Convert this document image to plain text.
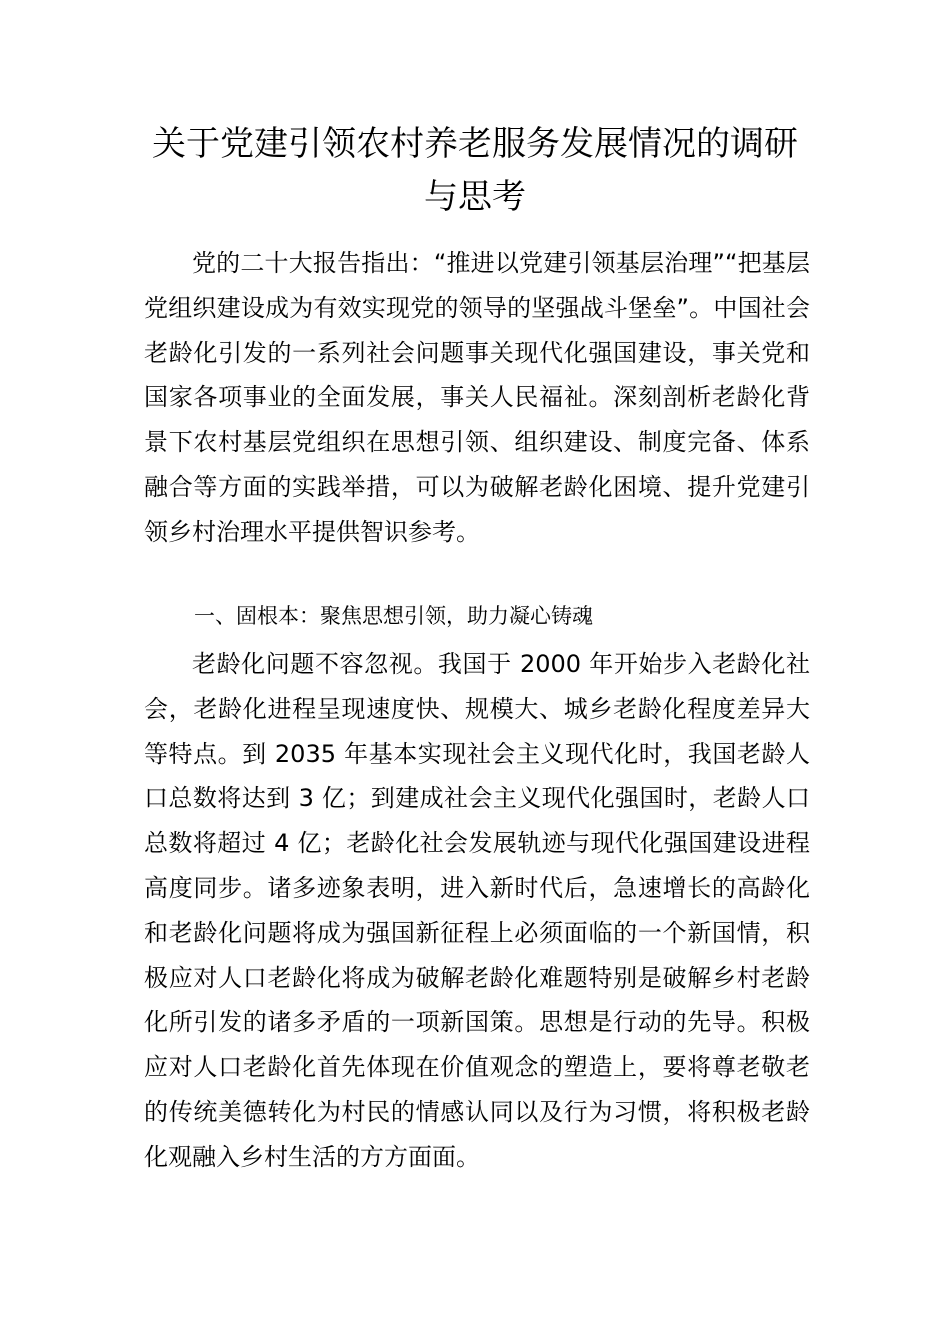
关于党建引领农村养老服务发展情况的调研与思考

党的二十大报告指出：“推进以党建引领基层治理”“把基层党组织建设成为有效实现党的领导的坚强战斗堡垒”。中国社会老龄化引发的一系列社会问题事关现代化强国建设，事关党和国家各项事业的全面发展，事关人民福祉。深刻剖析老龄化背景下农村基层党组织在思想引领、组织建设、制度完备、体系融合等方面的实践举措，可以为破解老龄化困境、提升党建引领乡村治理水平提供智识参考。

一、固根本：聚焦思想引领，助力凝心铸魂

老龄化问题不容忽视。我国于 2000 年开始步入老龄化社会，老龄化进程呈现速度快、规模大、城乡老龄化程度差异大等特点。到 2035 年基本实现社会主义现代化时，我国老龄人口总数将达到 3 亿；到建成社会主义现代化强国时，老龄人口总数将超过 4 亿；老龄化社会发展轨迹与现代化强国建设进程高度同步。诸多迹象表明，进入新时代后，急速增长的高龄化和老龄化问题将成为强国新征程上必须面临的一个新国情，积极应对人口老龄化将成为破解老龄化难题特别是破解乡村老龄化所引发的诸多矛盾的一项新国策。思想是行动的先导。积极应对人口老龄化首先体现在价值观念的塑造上，要将尊老敬老的传统美德转化为村民的情感认同以及行为习惯，将积极老龄化观融入乡村生活的方方面面。
